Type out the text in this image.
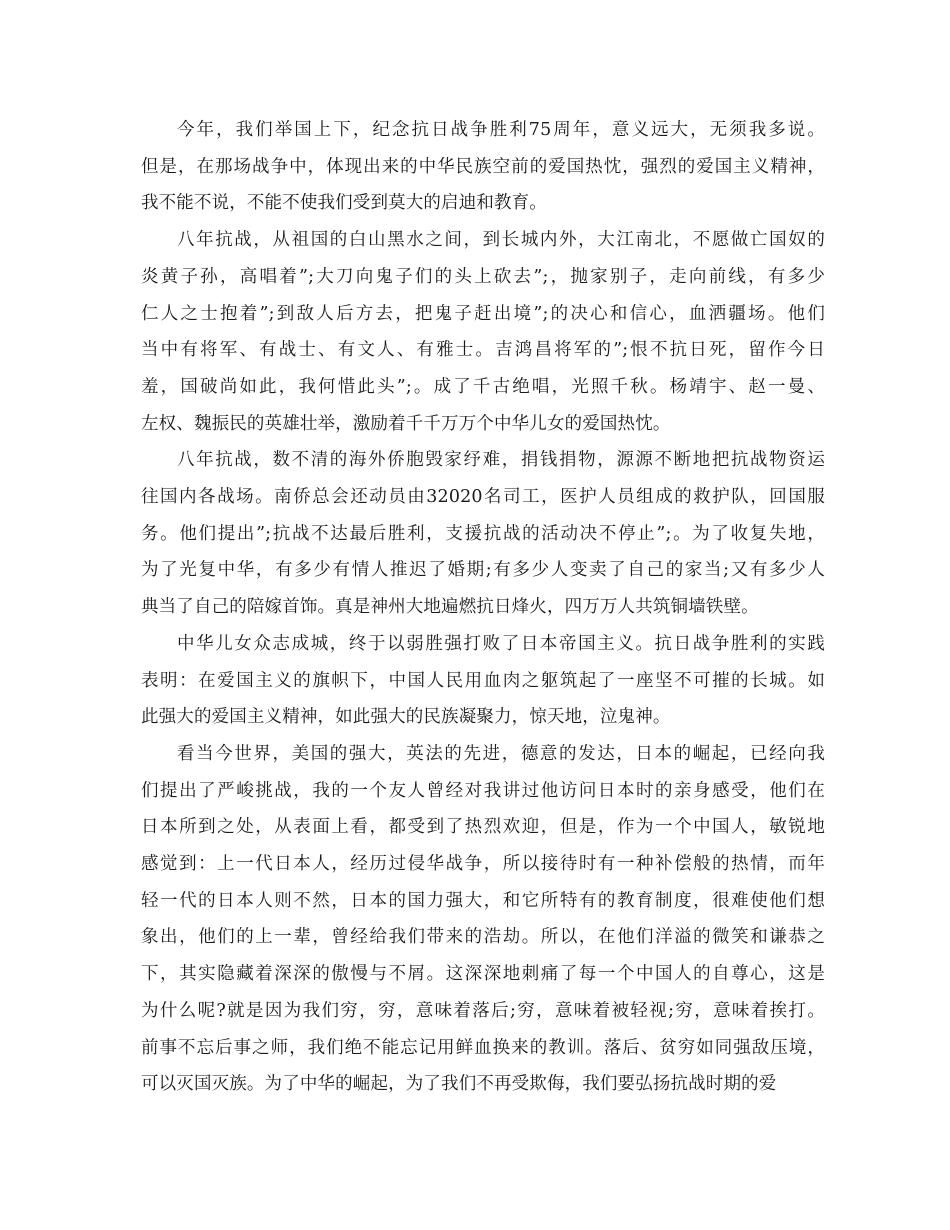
今年，我们举国上下，纪念抗日战争胜利75周年，意义远大，无须我多说。
但是，在那场战争中，体现出来的中华民族空前的爱国热忱，强烈的爱国主义精神，
我不能不说，不能不使我们受到莫大的启迪和教育。

八年抗战，从祖国的白山黑水之间，到长城内外，大江南北，不愿做亡国奴的
炎黄子孙，高唱着”;大刀向鬼子们的头上砍去”;，抛家别子，走向前线，有多少
仁人之士抱着”;到敌人后方去，把鬼子赶出境”;的决心和信心，血洒疆场。他们
当中有将军、有战士、有文人、有雅士。吉鸿昌将军的”;恨不抗日死，留作今日
羞，国破尚如此，我何惜此头”;。成了千古绝唱，光照千秋。杨靖宇、赵一曼、
左权、魏振民的英雄壮举，激励着千千万万个中华儿女的爱国热忱。

八年抗战，数不清的海外侨胞毁家纾难，捐钱捐物，源源不断地把抗战物资运
往国内各战场。南侨总会还动员由32020名司工，医护人员组成的救护队，回国服
务。他们提出”;抗战不达最后胜利，支援抗战的活动决不停止”;。为了收复失地，
为了光复中华，有多少有情人推迟了婚期;有多少人变卖了自己的家当;又有多少人
典当了自己的陪嫁首饰。真是神州大地遍燃抗日烽火，四万万人共筑铜墙铁壁。

中华儿女众志成城，终于以弱胜强打败了日本帝国主义。抗日战争胜利的实践
表明：在爱国主义的旗帜下，中国人民用血肉之躯筑起了一座坚不可摧的长城。如
此强大的爱国主义精神，如此强大的民族凝聚力，惊天地，泣鬼神。

看当今世界，美国的强大，英法的先进，德意的发达，日本的崛起，已经向我
们提出了严峻挑战，我的一个友人曾经对我讲过他访问日本时的亲身感受，他们在
日本所到之处，从表面上看，都受到了热烈欢迎，但是，作为一个中国人，敏锐地
感觉到：上一代日本人，经历过侵华战争，所以接待时有一种补偿般的热情，而年
轻一代的日本人则不然，日本的国力强大，和它所特有的教育制度，很难使他们想
象出，他们的上一辈，曾经给我们带来的浩劫。所以，在他们洋溢的微笑和谦恭之
下，其实隐藏着深深的傲慢与不屑。这深深地刺痛了每一个中国人的自尊心，这是
为什么呢?就是因为我们穷，穷，意味着落后;穷，意味着被轻视;穷，意味着挨打。
前事不忘后事之师，我们绝不能忘记用鲜血换来的教训。落后、贫穷如同强敌压境，
可以灭国灭族。为了中华的崛起，为了我们不再受欺侮，我们要弘扬抗战时期的爱
